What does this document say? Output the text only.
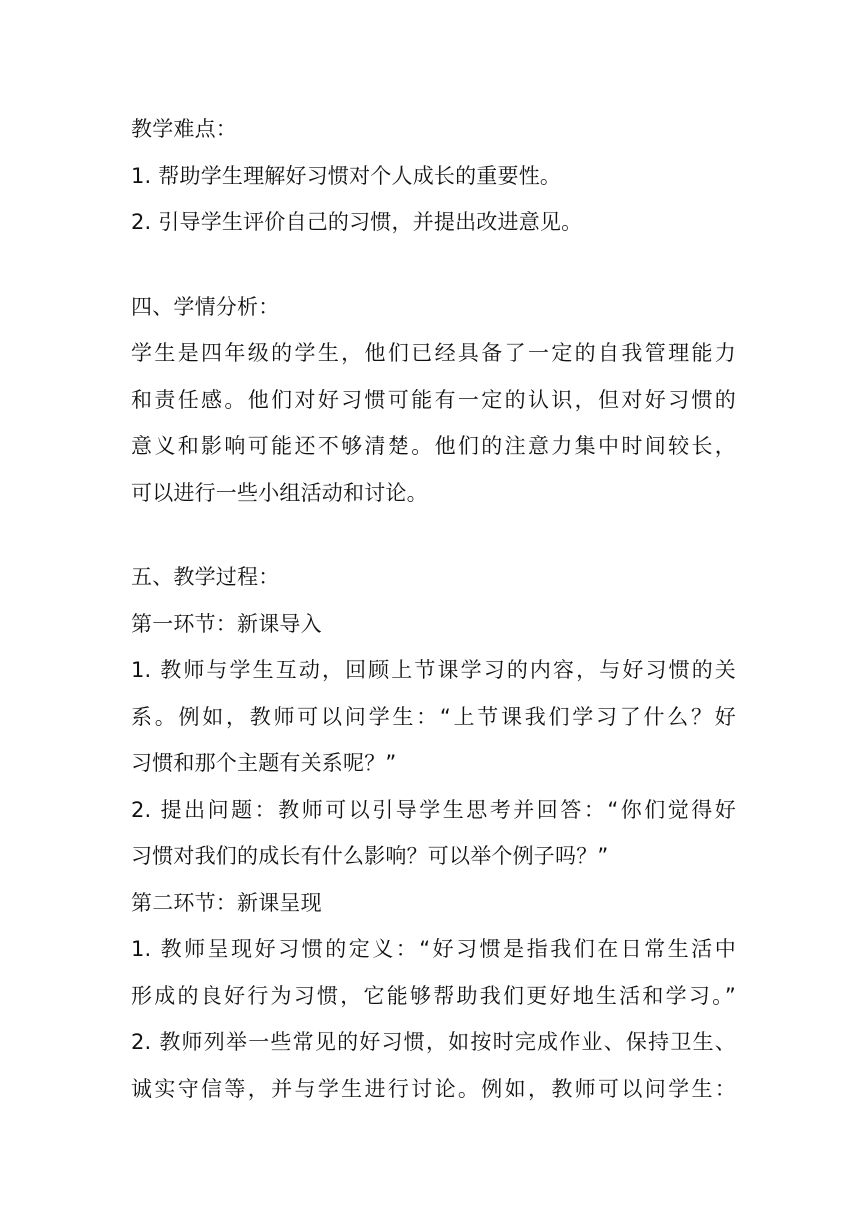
教学难点：
1. 帮助学生理解好习惯对个人成长的重要性。
2. 引导学生评价自己的习惯，并提出改进意见。
四、学情分析：
学生是四年级的学生，他们已经具备了一定的自我管理能力
和责任感。他们对好习惯可能有一定的认识，但对好习惯的
意义和影响可能还不够清楚。他们的注意力集中时间较长，
可以进行一些小组活动和讨论。
五、教学过程：
第一环节：新课导入
1. 教师与学生互动，回顾上节课学习的内容，与好习惯的关
系。例如，教师可以问学生：“上节课我们学习了什么？好
习惯和那个主题有关系呢？”
2. 提出问题：教师可以引导学生思考并回答：“你们觉得好
习惯对我们的成长有什么影响？可以举个例子吗？”
第二环节：新课呈现
1. 教师呈现好习惯的定义：“好习惯是指我们在日常生活中
形成的良好行为习惯，它能够帮助我们更好地生活和学习。”
2. 教师列举一些常见的好习惯，如按时完成作业、保持卫生、
诚实守信等，并与学生进行讨论。例如，教师可以问学生：
